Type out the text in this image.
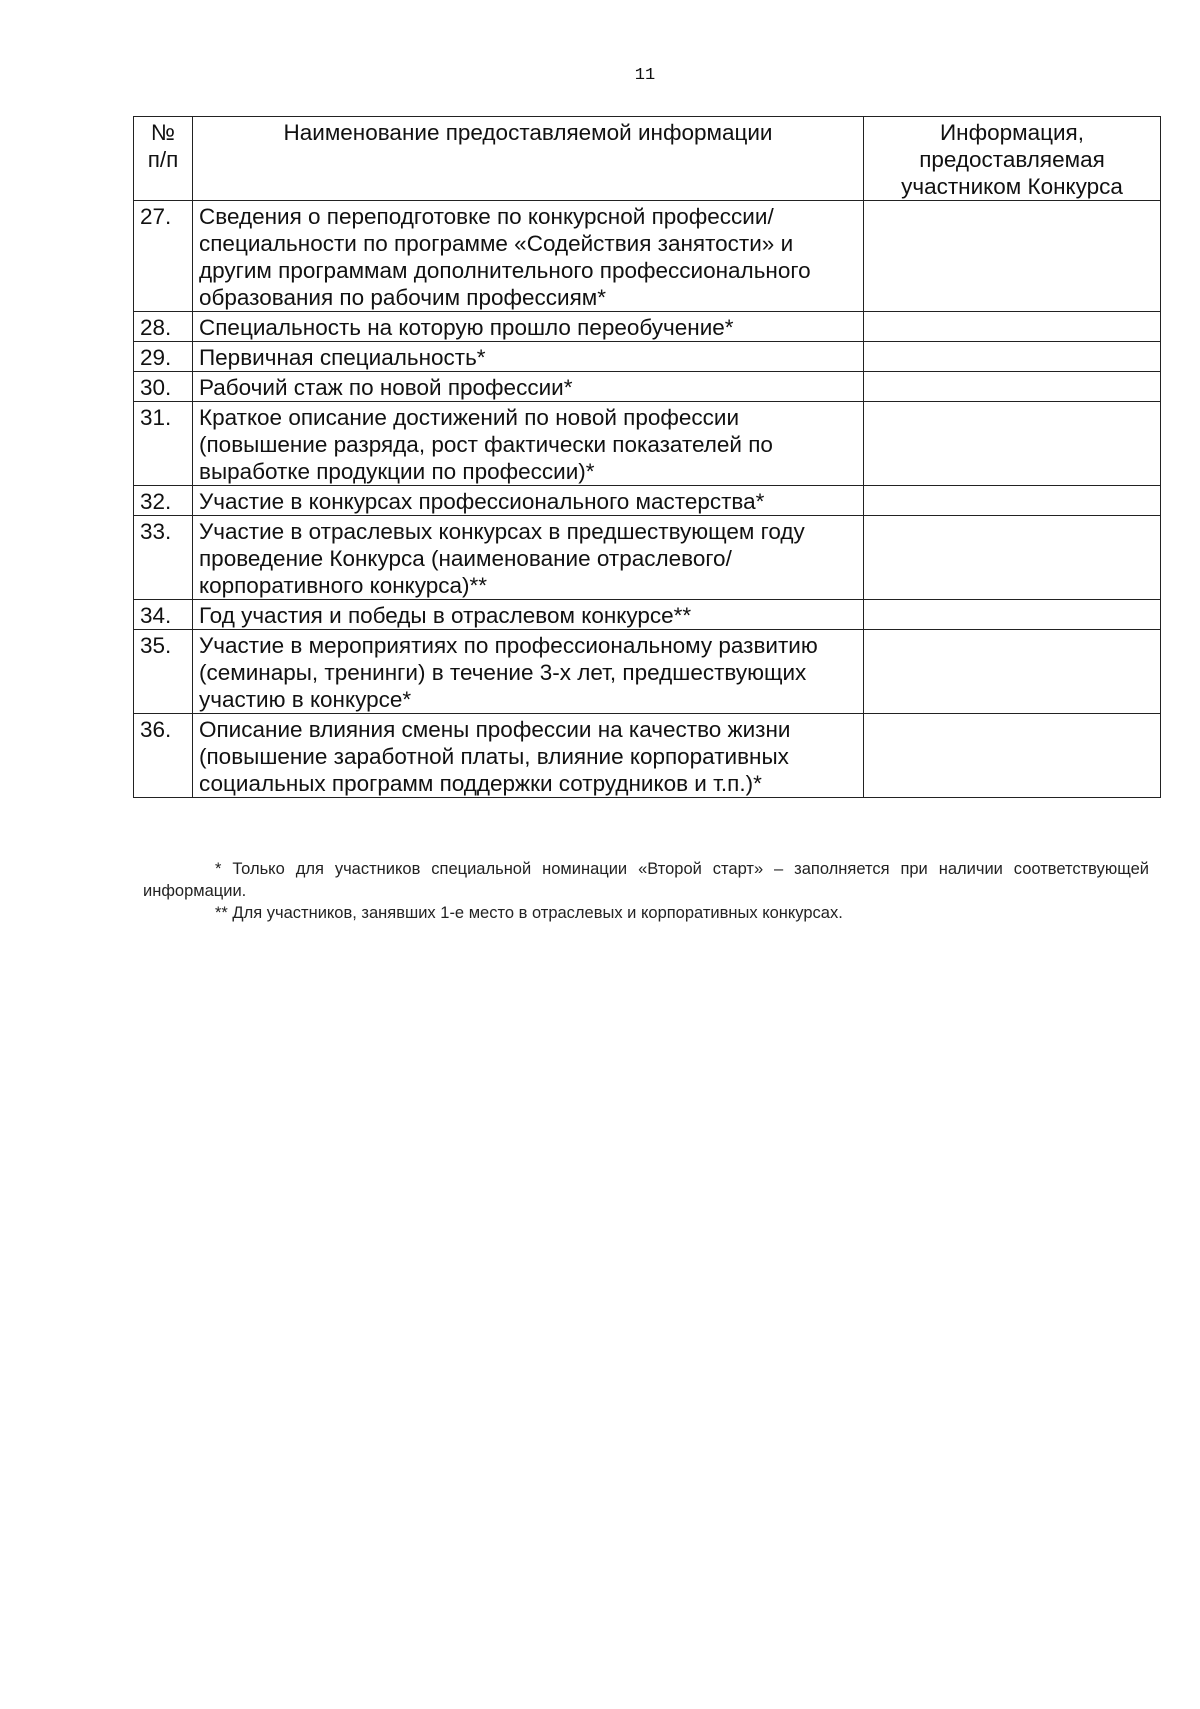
11
№ п/п	Наименование предоставляемой информации	Информация, предоставляемая участником Конкурса
27.	Сведения о переподготовке по конкурсной профессии/специальности по программе «Содействия занятости» и другим программам дополнительного профессионального образования по рабочим профессиям*	
28.	Специальность на которую прошло переобучение*	
29.	Первичная специальность*	
30.	Рабочий стаж по новой профессии*	
31.	Краткое описание достижений по новой профессии (повышение разряда, рост фактически показателей по выработке продукции по профессии)*	
32.	Участие в конкурсах профессионального мастерства*	
33.	Участие в отраслевых конкурсах в предшествующем году проведение Конкурса (наименование отраслевого/корпоративного конкурса)**	
34.	Год участия и победы в отраслевом конкурсе**	
35.	Участие в мероприятиях по профессиональному развитию (семинары, тренинги) в течение 3-х лет, предшествующих участию в конкурсе*	
36.	Описание влияния смены профессии на качество жизни (повышение заработной платы, влияние корпоративных социальных программ поддержки сотрудников и т.п.)*	

* Только для участников специальной номинации «Второй старт» – заполняется при наличии соответствующей информации.

** Для участников, занявших 1-е место в отраслевых и корпоративных конкурсах.
